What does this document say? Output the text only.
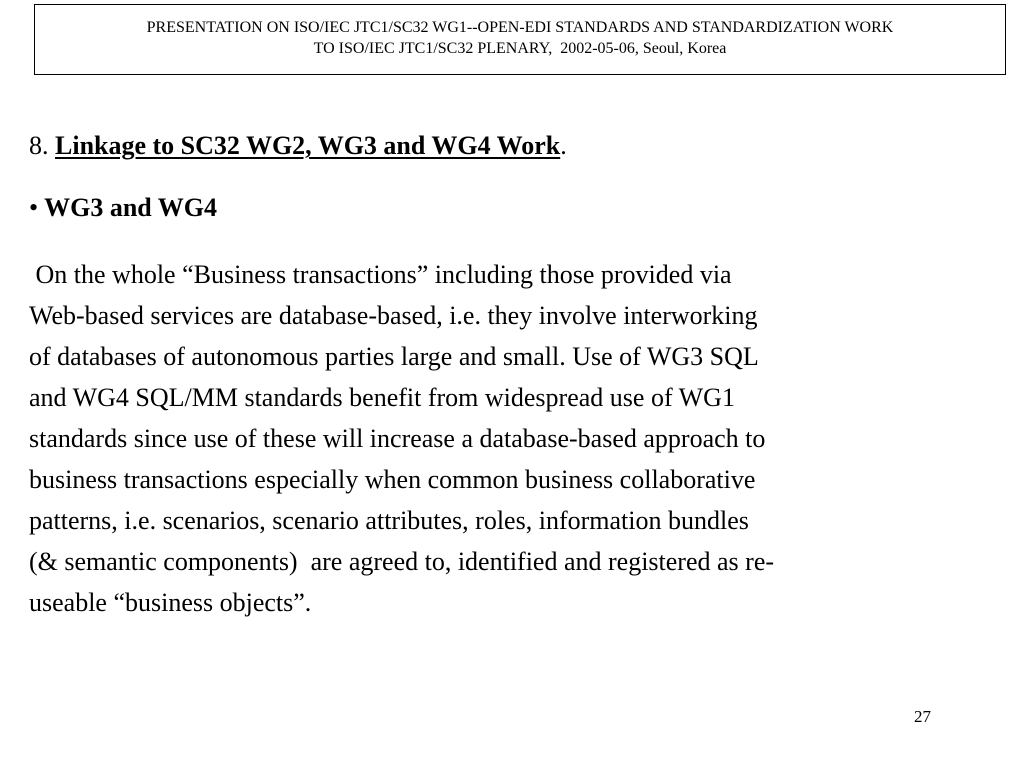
PRESENTATION ON ISO/IEC JTC1/SC32 WG1--OPEN-EDI STANDARDS AND STANDARDIZATION WORK
TO ISO/IEC JTC1/SC32 PLENARY,  2002-05-06, Seoul, Korea
8. Linkage to SC32 WG2, WG3 and WG4 Work.
• WG3 and WG4
On the whole “Business transactions” including those provided via
Web-based services are database-based, i.e. they involve interworking
of databases of autonomous parties large and small. Use of WG3 SQL
and WG4 SQL/MM standards benefit from widespread use of WG1
standards since use of these will increase a database-based approach to
business transactions especially when common business collaborative
patterns, i.e. scenarios, scenario attributes, roles, information bundles
(& semantic components)  are agreed to, identified and registered as re-
useable “business objects”.
27
